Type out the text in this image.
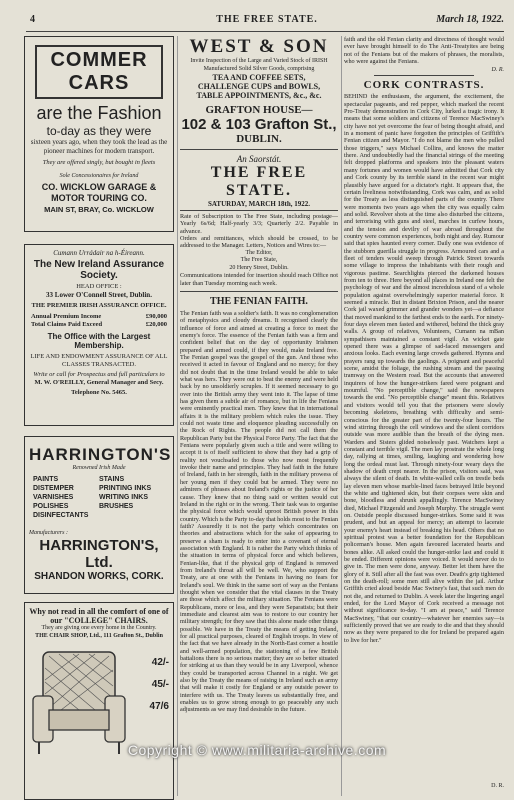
4	THE FREE STATE.	March 18, 1922.
COMMER CARS
are the Fashion
to-day as they were
sixteen years ago, when they took the lead as the pioneer machines for modern transport.
They are offered singly, but bought in fleets
Sole Concessionaires for Ireland
CO. WICKLOW GARAGE &
MOTOR TOURING CO.
MAIN ST, BRAY, Co. WICKLOW
Cumann Urrádair na h-Éireann.
The New Ireland Assurance Society.
HEAD OFFICE :
33 Lower O'Connell Street, Dublin.
THE PREMIER IRISH ASSURANCE OFFICE.
Annual Premium Income	£90,000
Total Claims Paid Exceed	£20,000
The Office with the Largest Membership.
LIFE AND ENDOWMENT ASSURANCE OF ALL CLASSES TRANSACTED.
Write or call for Prospectus and full particulars to
M. W. O'REILLY, General Manager and Secy.
Telephone No. 5465.
HARRINGTON'S
Renowned Irish Made
PAINTS	STAINS
DISTEMPER	PRINTING INKS
VARNISHES	WRITING INKS
POLISHES	BRUSHES
DISINFECTANTS
Manufacturers :
HARRINGTON'S, Ltd.
SHANDON WORKS, CORK.
Why not read in all the comfort of one of our "COLLEGE" CHAIRS.
They are giving one every home in the Country.
THE CHAIR SHOP, Ltd., 111 Grafton St., Dublin
42/-
45/-
47/6
WEST & SON
Invite Inspection of the Large and Varied Stock of IRISH Manufactured Solid Silver Goods, comprising
TEA AND COFFEE SETS,
CHALLENGE CUPS and BOWLS,
TABLE APPOINTMENTS, &c., &c.
GRAFTON HOUSE—
102 & 103 Grafton St.,
DUBLIN.
An Saorstát.
THE FREE STATE.
SATURDAY, MARCH 18th, 1922.
Rate of Subscription to The Free State, including postage—Yearly 6s/6d; Half-yearly 3/3; Quarterly 2/2. Payable in advance.
Orders and remittances, which should be crossed, to be addressed to the Manager. Letters, Notices and Wires to:—
The Editor,
The Free State,
20 Henry Street, Dublin.
Communications intended for insertion should reach Office not later than Tuesday morning each week.
THE FENIAN FAITH.
The Fenian faith was a soldier's faith. It was no conglomeration of metaphysics and cloudy dreams. It recognised clearly the influence of force and aimed at creating a force to meet the enemy's force. The essence of the Fenian faith was a firm and confident belief that on the day of opportunity Irishmen prepared and armed could, if they would, make Ireland free. The Fenian gospel was the gospel of the gun. And those who received it acted in favour of England and no mercy; for they did not doubt that in the time Ireland would be able to take what was hers. They were out to beat the enemy and were held back by no unsoldierly scruples. If it seemed necessary to go over into the British army they went into it. The lapse of time has given them a subtle air of romance, but in life the Fenians were eminently practical men. They knew that in international affairs it is the military problem which rules the issue. They could not waste time and eloquence pleading successfully on the Rock of Rights. The people did not call them the Republican Party but the Physical Force Party. The fact that the Fenians were popularly given such a title and were willing to accept it is of itself sufficient to show that they had a grip of reality not vouchsafed to those who now most frequently invoke their name and principles. They had faith in the future of Ireland, faith in her strength, faith in the military prowess of her young men if they could but be armed. They were no admirers of phrases about Ireland's rights or the justice of her cause. They knew that no thing said or written would cut Ireland in the right or in the wrong. Their task was to organise the physical force which would uproot British power in this country. Which is the Party to-day that holds most to the Fenian faith? Assuredly it is not the party which concentrates on theories and abstractions which for the sake of appearing to preserve a sham is ready to enter into a covenant of eternal association with England. It is rather the Party which thinks of the situation in terms of physical force and which believes, Fenian-like, that if the physical grip of England is removed from Ireland's throat all will be well. We, who support the Treaty, are at one with the Fenians in having no fears for Ireland's soul. We think in the same sort of way as the Fenians thought when we consider that the vital clauses in the Treaty are those which affect the military situation. The Fenians were Republicans, more or less, and they were Separatists; but their immediate and clearest aim was to restore to our country her military strength; for they saw that this alone made other things possible. We have in the Treaty the means of getting Ireland, for all practical purposes, cleared of English troops. In view of the fact that we have already in the North-East corner a hostile and well-armed population, the stationing of a few British battalions there is no serious matter; they are so better situated for striking at us than they would be in any Liverpool, whence they could be transported across Channel in a night. We get also by the Treaty the means of raising in Ireland such an army that will make it costly for England or any outside power to interfere with us. The Treaty leaves us substantially free, and enables us to grow strong enough to go peaceably any such adjustments as we may find desirable in the future.
faith and the old Fenian clarity and directness of thought would ever have brought himself to do The Anti-Treatyites are being not of the Fenians but of the makers of phrases, the moralists, who were against the Fenians.
D. R.
CORK CONTRASTS.
BEHIND the enthusiasm, the argument, the excitement, the spectacular pageants, and red pepper, which marked the recent Pro-Treaty demonstration in Cork City, lurked a tragic irony. It means that some soldiers and citizens of Terence MacSwiney's city have not yet overcome the fear of being thought afraid, and in a moment of panic have forgotten the principles of Griffith's Fenian citizen and Mayor. "I do not blame the men who pulled those triggers," says Michael Collins, and knows the matter there. And undoubtedly had the financial strings of the meeting felt dropped platforms and speakers into the pleasant waters many fortunes and women would have admitted that Cork city and Cork county by its terrible stand in the recent war might plausibly have argued for a dictator's right. It appears that, the certain liveliness notwithstanding, Cork was calm, and as solid for the Treaty as less distinguished parts of the country. There were moments two years ago when the city was equally calm and solid. Revolver shots at the time also disturbed the citizens, and terrorising with guns and steel, marches in curfew hours, and the tension and devilry of war abroad throughout the country were common experiences, both night and day. Rumour said that spies haunted every corner. Daily one was evidence of the stubborn guerilla struggle in progress. Armoured cars and a fleet of tenders would sweep through Patrick Street towards some village to impress the inhabitants with their rough and vigorous pastime. Searchlights pierced the darkened houses from ten to three. Here beyond all places in Ireland one felt the psychology of war and the almost incredulous stand of a whole population against overwhelmingly superior material force. It seemed a miracle. But in distant Brixton Prison, and the nearer Cork jail waxed grimmer and grander wonders yet—a defiance that moved mankind to the farthest ends to the earth. For ninety-four days eleven men fasted and withered, behind the thick gray walls. A group of relatives, Volunteers, Cumann na mBan sympathisers maintained a constant vigil. An wicket gate opened there was a glimpse of sad-faced messengers and anxious looks. Each evening large crowds gathered. Hymns and prayers rang up towards the gaolings. A poignant and peaceful scene, amidst the foliage, the rushing stream and the passing tramway on the Western road. But the accounts that answered inquirers of how the hunger-strikers fared were poignant and mournful. "No perceptible change," said the newspapers towards the end. "No perceptible change" meant this. Relatives and visitors would tell you that the prisoners were slowly becoming skeletons, breathing with difficulty and semi-conscious for the greater part of the twenty-four hours. The wind stirring through the cell windows and the silent corridors outside was more audible than the breath of the dying men. Warders and Sisters glided noiselessly past. Watchers kept a constant and terrible vigil. The men lay prostrate the whole long day, rallying at times, smiling, laughing and wondering how long the ordeal must last. Through ninety-four weary days the shadow of death crept nearer. In the prison, visitors said, was always the silent of death. In white-walled cells on trestle beds lay eleven men whose marble-lined faces betrayed little beyond the white and tightened skin, but their corpses were skin and bone, bloodless and shrunk appallingly. Terence MacSwiney died, Michael Fitzgerald and Joseph Murphy. The struggle went on. Outside people discussed hunger-strikes. Some said it was prudent, and but an appeal for mercy; an attempt to lacerate your enemy's heart instead of breaking his head. Others that no spiritual protest was a better foundation for the Republican policeman's house. Men again favoured lacerated hearts and bones alike. All asked could the hunger-strike last and could it be ended. Different opinions were voiced. It would never do to give in. The men were done, anyway. Better let them have the glory of it. Still after all the fast was over. Death's grip tightened on the death-roll; some men still alive within the jail. Arthur Griffith cried aloud beside Mac Swiney's fast, that such men do not die, and returned to Dublin. A week later the lingering angel ended, for the Lord Mayor of Cork received a message not without significance to-day. "I am at peace," said Terence MacSwiney, "that our country—whatever her enemies say—is sufficiently proved that we are ready to die and that they should now as they were prepared to die for Ireland be prepared again to live for her."
D. R.
Copyright © www.militaria-archive.com
